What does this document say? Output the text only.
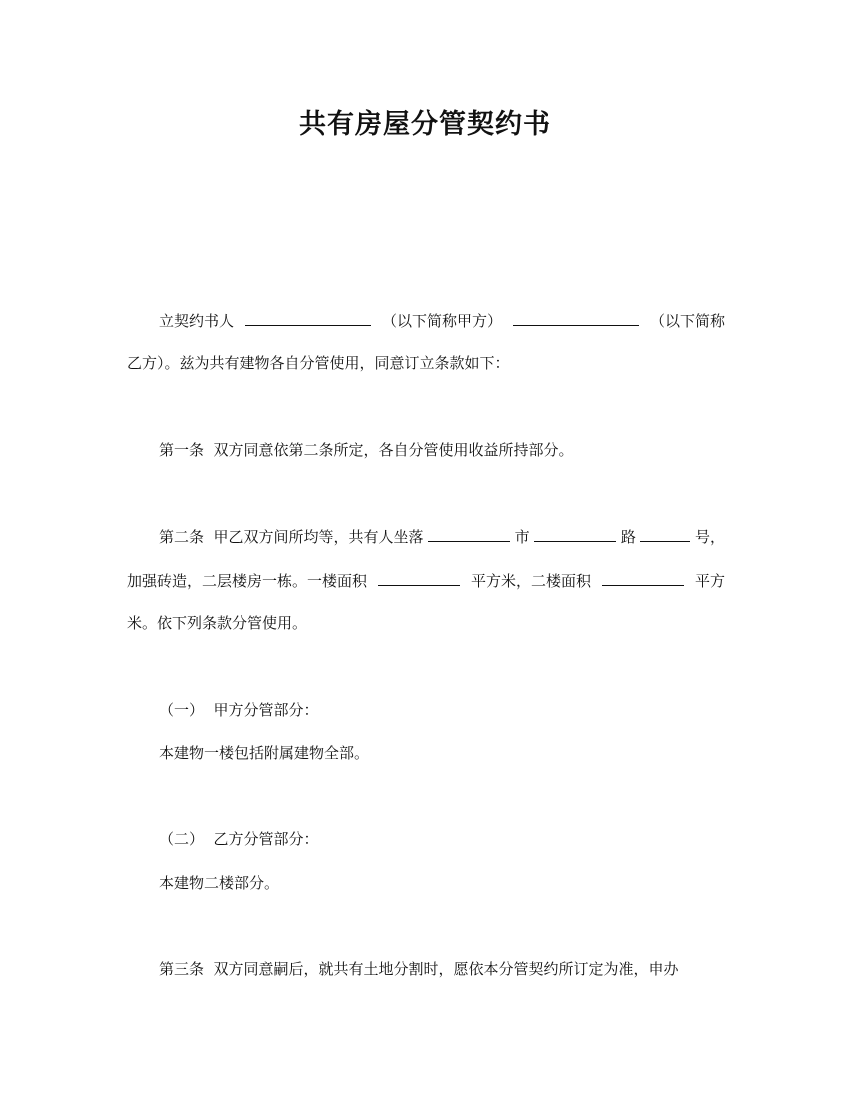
共有房屋分管契约书
立契约书人	（以下简称甲方）	（以下简称
乙方）。兹为共有建物各自分管使用，同意订立条款如下：
第一条  双方同意依第二条所定，各自分管使用收益所持部分。
第二条  甲乙双方间所均等，共有人坐落	市	路	号，
加强砖造，二层楼房一栋。一楼面积	平方米，二楼面积	平方
米。依下列条款分管使用。
（一）  甲方分管部分：
本建物一楼包括附属建物全部。
（二）  乙方分管部分：
本建物二楼部分。
第三条  双方同意嗣后，就共有土地分割时，愿依本分管契约所订定为准，申办
